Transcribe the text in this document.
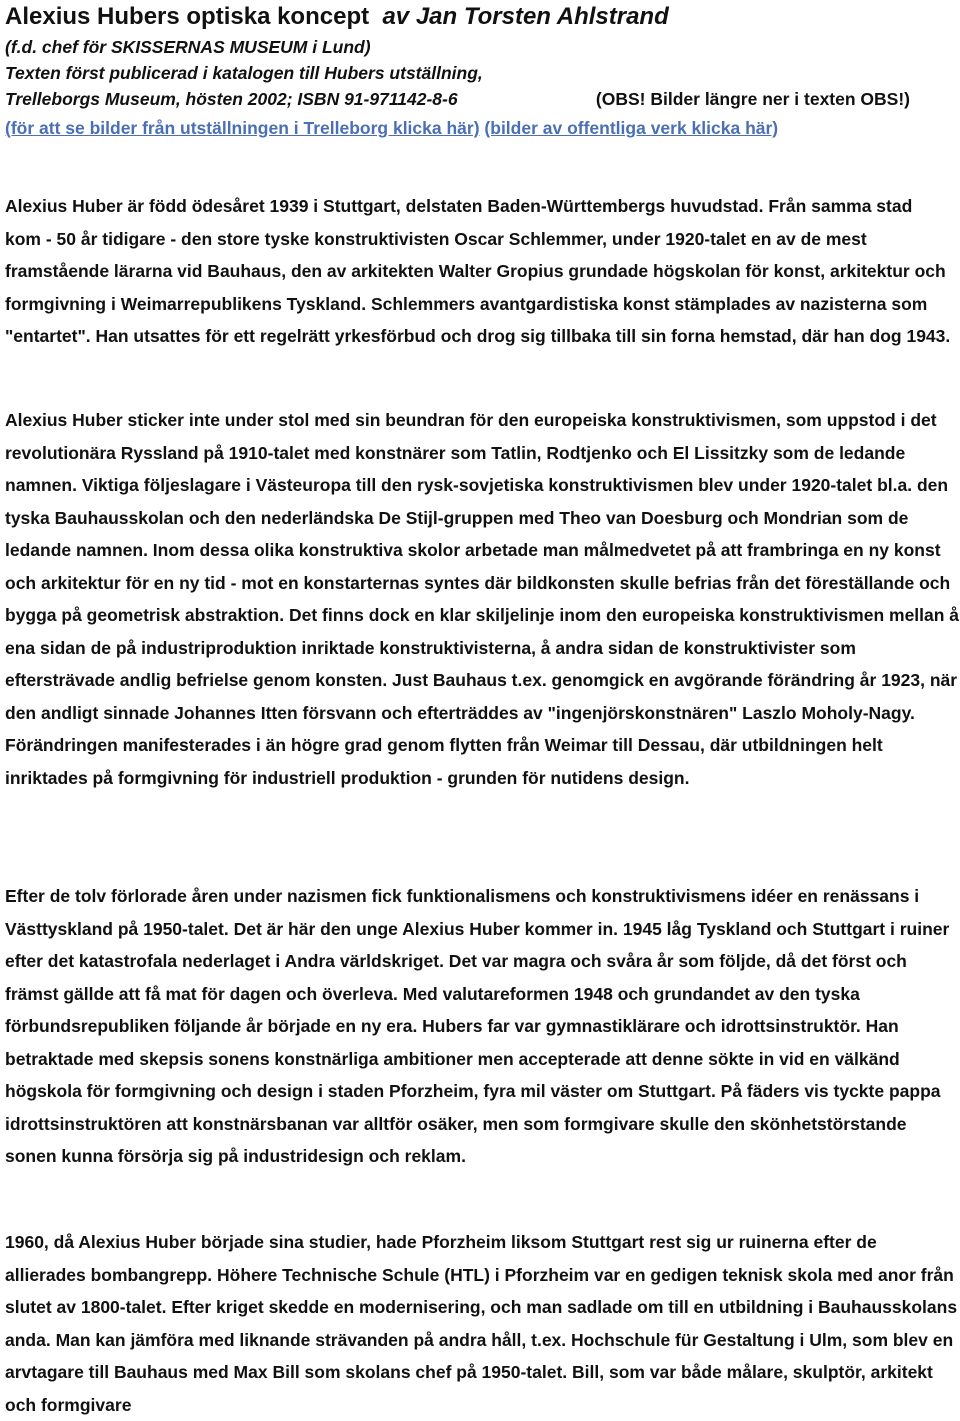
Alexius Hubers optiska koncept av Jan Torsten Ahlstrand
(f.d. chef för SKISSERNAS MUSEUM i Lund)
Texten först publicerad i katalogen till Hubers utställning,
Trelleborgs Museum, hösten 2002; ISBN 91-971142-8-6	(OBS! Bilder längre ner i texten OBS!)
(för att se bilder från utställningen i Trelleborg klicka här) (bilder av offentliga verk klicka här)

Alexius Huber är född ödesåret 1939 i Stuttgart, delstaten Baden-Württembergs huvudstad. Från samma stad kom - 50 år tidigare - den store tyske konstruktivisten Oscar Schlemmer, under 1920-talet en av de mest framstående lärarna vid Bauhaus, den av arkitekten Walter Gropius grundade högskolan för konst, arkitektur och formgivning i Weimarrepublikens Tyskland. Schlemmers avantgardistiska konst stämplades av nazisterna som "entartet". Han utsattes för ett regelrätt yrkesförbud och drog sig tillbaka till sin forna hemstad, där han dog 1943.

Alexius Huber sticker inte under stol med sin beundran för den europeiska konstruktivismen, som uppstod i det revolutionära Ryssland på 1910-talet med konstnärer som Tatlin, Rodtjenko och El Lissitzky som de ledande namnen. Viktiga följeslagare i Västeuropa till den rysk-sovjetiska konstruktivismen blev under 1920-talet bl.a. den tyska Bauhausskolan och den nederländska De Stijl-gruppen med Theo van Doesburg och Mondrian som de ledande namnen. Inom dessa olika konstruktiva skolor arbetade man målmedvetet på att frambringa en ny konst och arkitektur för en ny tid - mot en konstarternas syntes där bildkonsten skulle befrias från det föreställande och bygga på geometrisk abstraktion. Det finns dock en klar skiljelinje inom den europeiska konstruktivismen mellan å ena sidan de på industriproduktion inriktade konstruktivisterna, å andra sidan de konstruktivister som eftersträvade andlig befrielse genom konsten. Just Bauhaus t.ex. genomgick en avgörande förändring år 1923, när den andligt sinnade Johannes Itten försvann och efterträddes av "ingenjörskonstnären" Laszlo Moholy-Nagy. Förändringen manifesterades i än högre grad genom flytten från Weimar till Dessau, där utbildningen helt inriktades på formgivning för industriell produktion - grunden för nutidens design.

Efter de tolv förlorade åren under nazismen fick funktionalismens och konstruktivismens idéer en renässans i Västtyskland på 1950-talet. Det är här den unge Alexius Huber kommer in. 1945 låg Tyskland och Stuttgart i ruiner efter det katastrofala nederlaget i Andra världskriget. Det var magra och svåra år som följde, då det först och främst gällde att få mat för dagen och överleva. Med valutareformen 1948 och grundandet av den tyska förbundsrepubliken följande år började en ny era. Hubers far var gymnastiklärare och idrottsinstruktör. Han betraktade med skepsis sonens konstnärliga ambitioner men accepterade att denne sökte in vid en välkänd högskola för formgivning och design i staden Pforzheim, fyra mil väster om Stuttgart. På fäders vis tyckte pappa idrottsinstruktören att konstnärsbanan var alltför osäker, men som formgivare skulle den skönhetstörstande sonen kunna försörja sig på industridesign och reklam.

1960, då Alexius Huber började sina studier, hade Pforzheim liksom Stuttgart rest sig ur ruinerna efter de allierades bombangrepp. Höhere Technische Schule (HTL) i Pforzheim var en gedigen teknisk skola med anor från slutet av 1800-talet. Efter kriget skedde en modernisering, och man sadlade om till en utbildning i Bauhausskolans anda. Man kan jämföra med liknande strävanden på andra håll, t.ex. Hochschule für Gestaltung i Ulm, som blev en arvtagare till Bauhaus med Max Bill som skolans chef på 1950-talet. Bill, som var både målare, skulptör, arkitekt och formgivare
